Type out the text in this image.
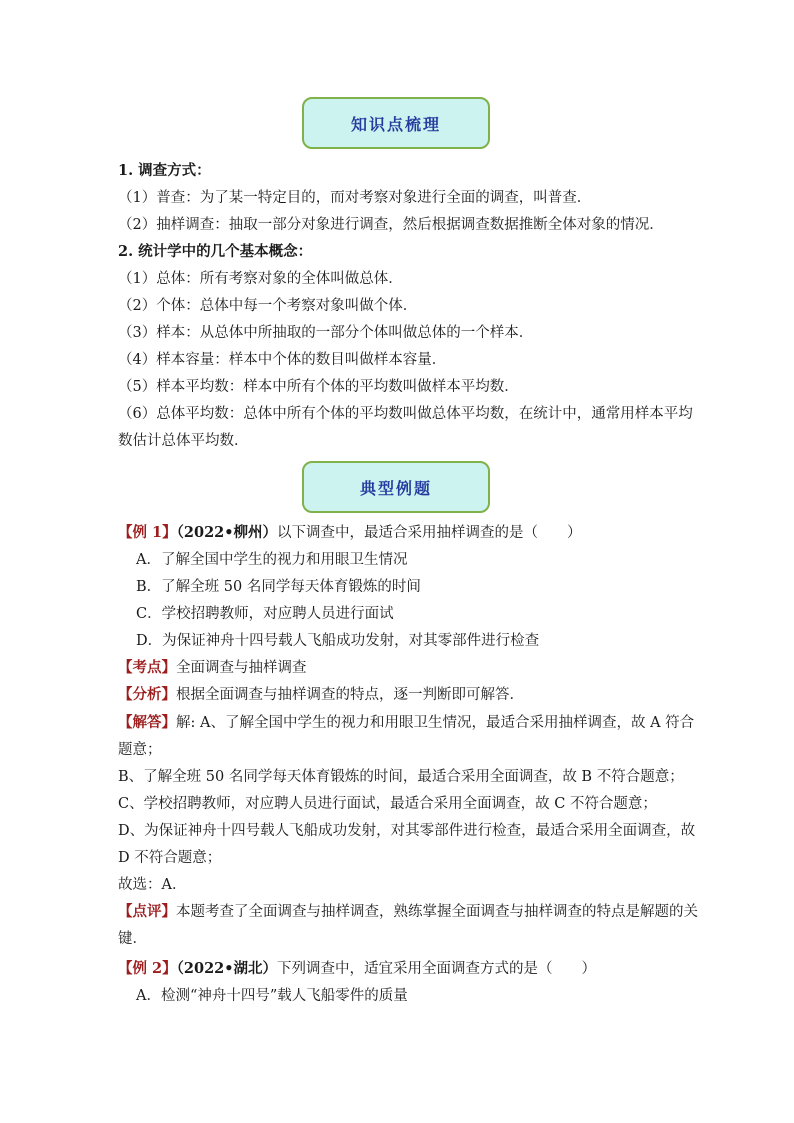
知识点梳理
1. 调查方式：
（1）普查：为了某一特定目的，而对考察对象进行全面的调查，叫普查．
（2）抽样调查：抽取一部分对象进行调查，然后根据调查数据推断全体对象的情况．
2. 统计学中的几个基本概念：
（1）总体：所有考察对象的全体叫做总体．
（2）个体：总体中每一个考察对象叫做个体．
（3）样本：从总体中所抽取的一部分个体叫做总体的一个样本．
（4）样本容量：样本中个体的数目叫做样本容量．
（5）样本平均数：样本中所有个体的平均数叫做样本平均数．
（6）总体平均数：总体中所有个体的平均数叫做总体平均数，在统计中，通常用样本平均
数估计总体平均数．
典型例题
【例 1】（2022•柳州）以下调查中，最适合采用抽样调查的是（　　）
A．了解全国中学生的视力和用眼卫生情况
B．了解全班 50 名同学每天体育锻炼的时间
C．学校招聘教师，对应聘人员进行面试
D．为保证神舟十四号载人飞船成功发射，对其零部件进行检查
【考点】全面调查与抽样调查
【分析】根据全面调查与抽样调查的特点，逐一判断即可解答．
【解答】解: A、了解全国中学生的视力和用眼卫生情况，最适合采用抽样调查，故 A 符合
题意；
B、了解全班 50 名同学每天体育锻炼的时间，最适合采用全面调查，故 B 不符合题意；
C、学校招聘教师，对应聘人员进行面试，最适合采用全面调查，故 C 不符合题意；
D、为保证神舟十四号载人飞船成功发射，对其零部件进行检查，最适合采用全面调查，故
D 不符合题意；
故选：A．
【点评】本题考查了全面调查与抽样调查，熟练掌握全面调查与抽样调查的特点是解题的关
键．
【例 2】（2022•湖北）下列调查中，适宜采用全面调查方式的是（　　）
A．检测“神舟十四号”载人飞船零件的质量
